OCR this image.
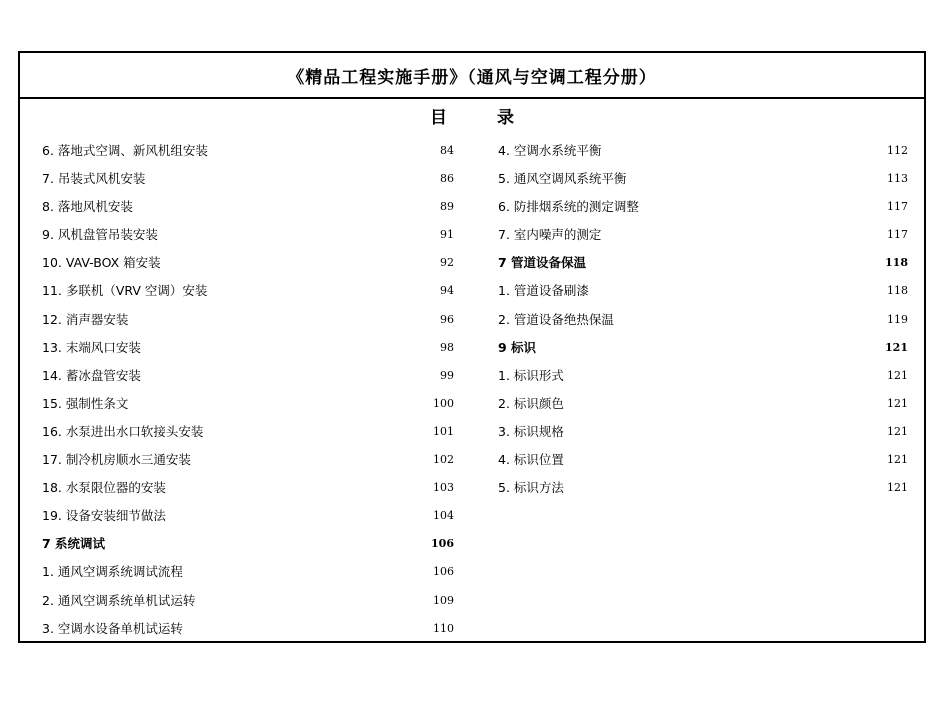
《精品工程实施手册》（通风与空调工程分册）
目	录
6. 落地式空调、新风机组安装	84
7. 吊装式风机安装	86
8. 落地风机安装	89
9. 风机盘管吊装安装	91
10. VAV-BOX 箱安装	92
11. 多联机（VRV 空调）安装	94
12. 消声器安装	96
13. 末端风口安装	98
14. 蓄冰盘管安装	99
15. 强制性条文	100
16. 水泵进出水口软接头安装	101
17. 制冷机房顺水三通安装	102
18. 水泵限位器的安装	103
19. 设备安装细节做法	104
7 系统调试	106
1. 通风空调系统调试流程	106
2. 通风空调系统单机试运转	109
3. 空调水设备单机试运转	110
4. 空调水系统平衡	112
5. 通风空调风系统平衡	113
6. 防排烟系统的测定调整	117
7. 室内噪声的测定	117
7 管道设备保温	118
1. 管道设备刷漆	118
2. 管道设备绝热保温	119
9 标识	121
1. 标识形式	121
2. 标识颜色	121
3. 标识规格	121
4. 标识位置	121
5. 标识方法	121
